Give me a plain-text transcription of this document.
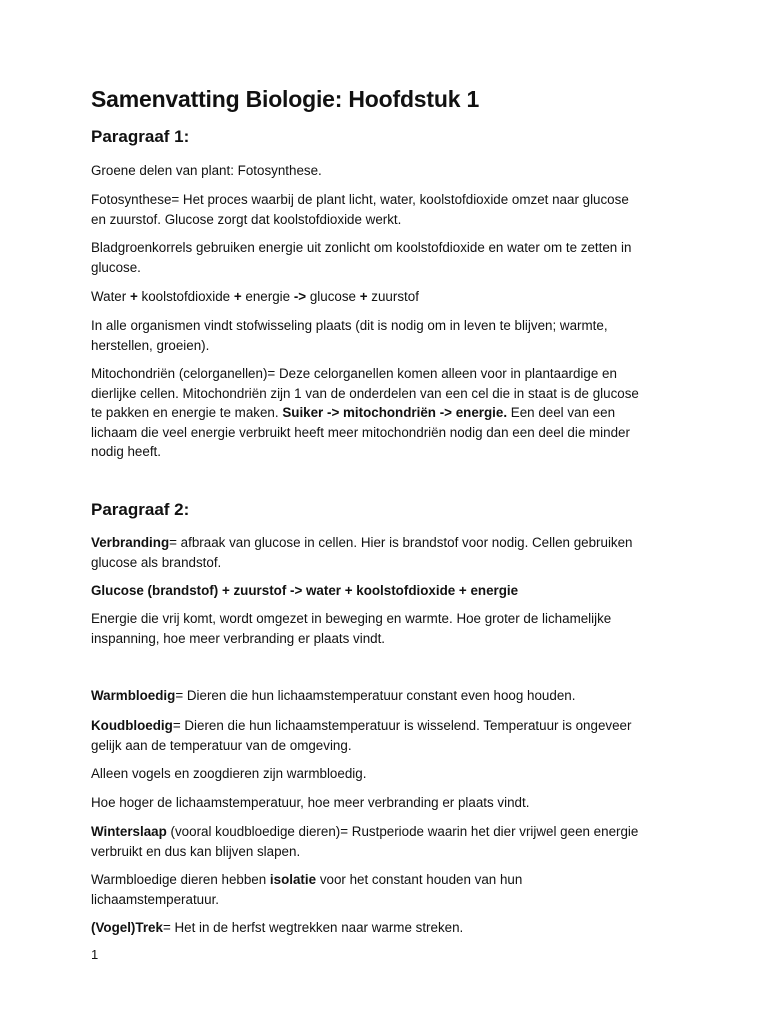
Samenvatting Biologie: Hoofdstuk 1
Paragraaf 1:

Groene delen van plant: Fotosynthese.

Fotosynthese= Het proces waarbij de plant licht, water, koolstofdioxide omzet naar glucose
en zuurstof. Glucose zorgt dat koolstofdioxide werkt.

Bladgroenkorrels gebruiken energie uit zonlicht om koolstofdioxide en water om te zetten in
glucose.

Water + koolstofdioxide + energie -> glucose + zuurstof

In alle organismen vindt stofwisseling plaats (dit is nodig om in leven te blijven; warmte,
herstellen, groeien).

Mitochondriën (celorganellen)= Deze celorganellen komen alleen voor in plantaardige en
dierlijke cellen. Mitochondriën zijn 1 van de onderdelen van een cel die in staat is de glucose
te pakken en energie te maken. Suiker -> mitochondriën -> energie. Een deel van een
lichaam die veel energie verbruikt heeft meer mitochondriën nodig dan een deel die minder
nodig heeft.

Paragraaf 2:

Verbranding= afbraak van glucose in cellen. Hier is brandstof voor nodig. Cellen gebruiken
glucose als brandstof.

Glucose (brandstof) + zuurstof -> water + koolstofdioxide + energie

Energie die vrij komt, wordt omgezet in beweging en warmte. Hoe groter de lichamelijke
inspanning, hoe meer verbranding er plaats vindt.

Warmbloedig= Dieren die hun lichaamstemperatuur constant even hoog houden.

Koudbloedig= Dieren die hun lichaamstemperatuur is wisselend. Temperatuur is ongeveer
gelijk aan de temperatuur van de omgeving.

Alleen vogels en zoogdieren zijn warmbloedig.

Hoe hoger de lichaamstemperatuur, hoe meer verbranding er plaats vindt.

Winterslaap (vooral koudbloedige dieren)= Rustperiode waarin het dier vrijwel geen energie
verbruikt en dus kan blijven slapen.

Warmbloedige dieren hebben isolatie voor het constant houden van hun
lichaamstemperatuur.

(Vogel)Trek= Het in de herfst wegtrekken naar warme streken.

1
